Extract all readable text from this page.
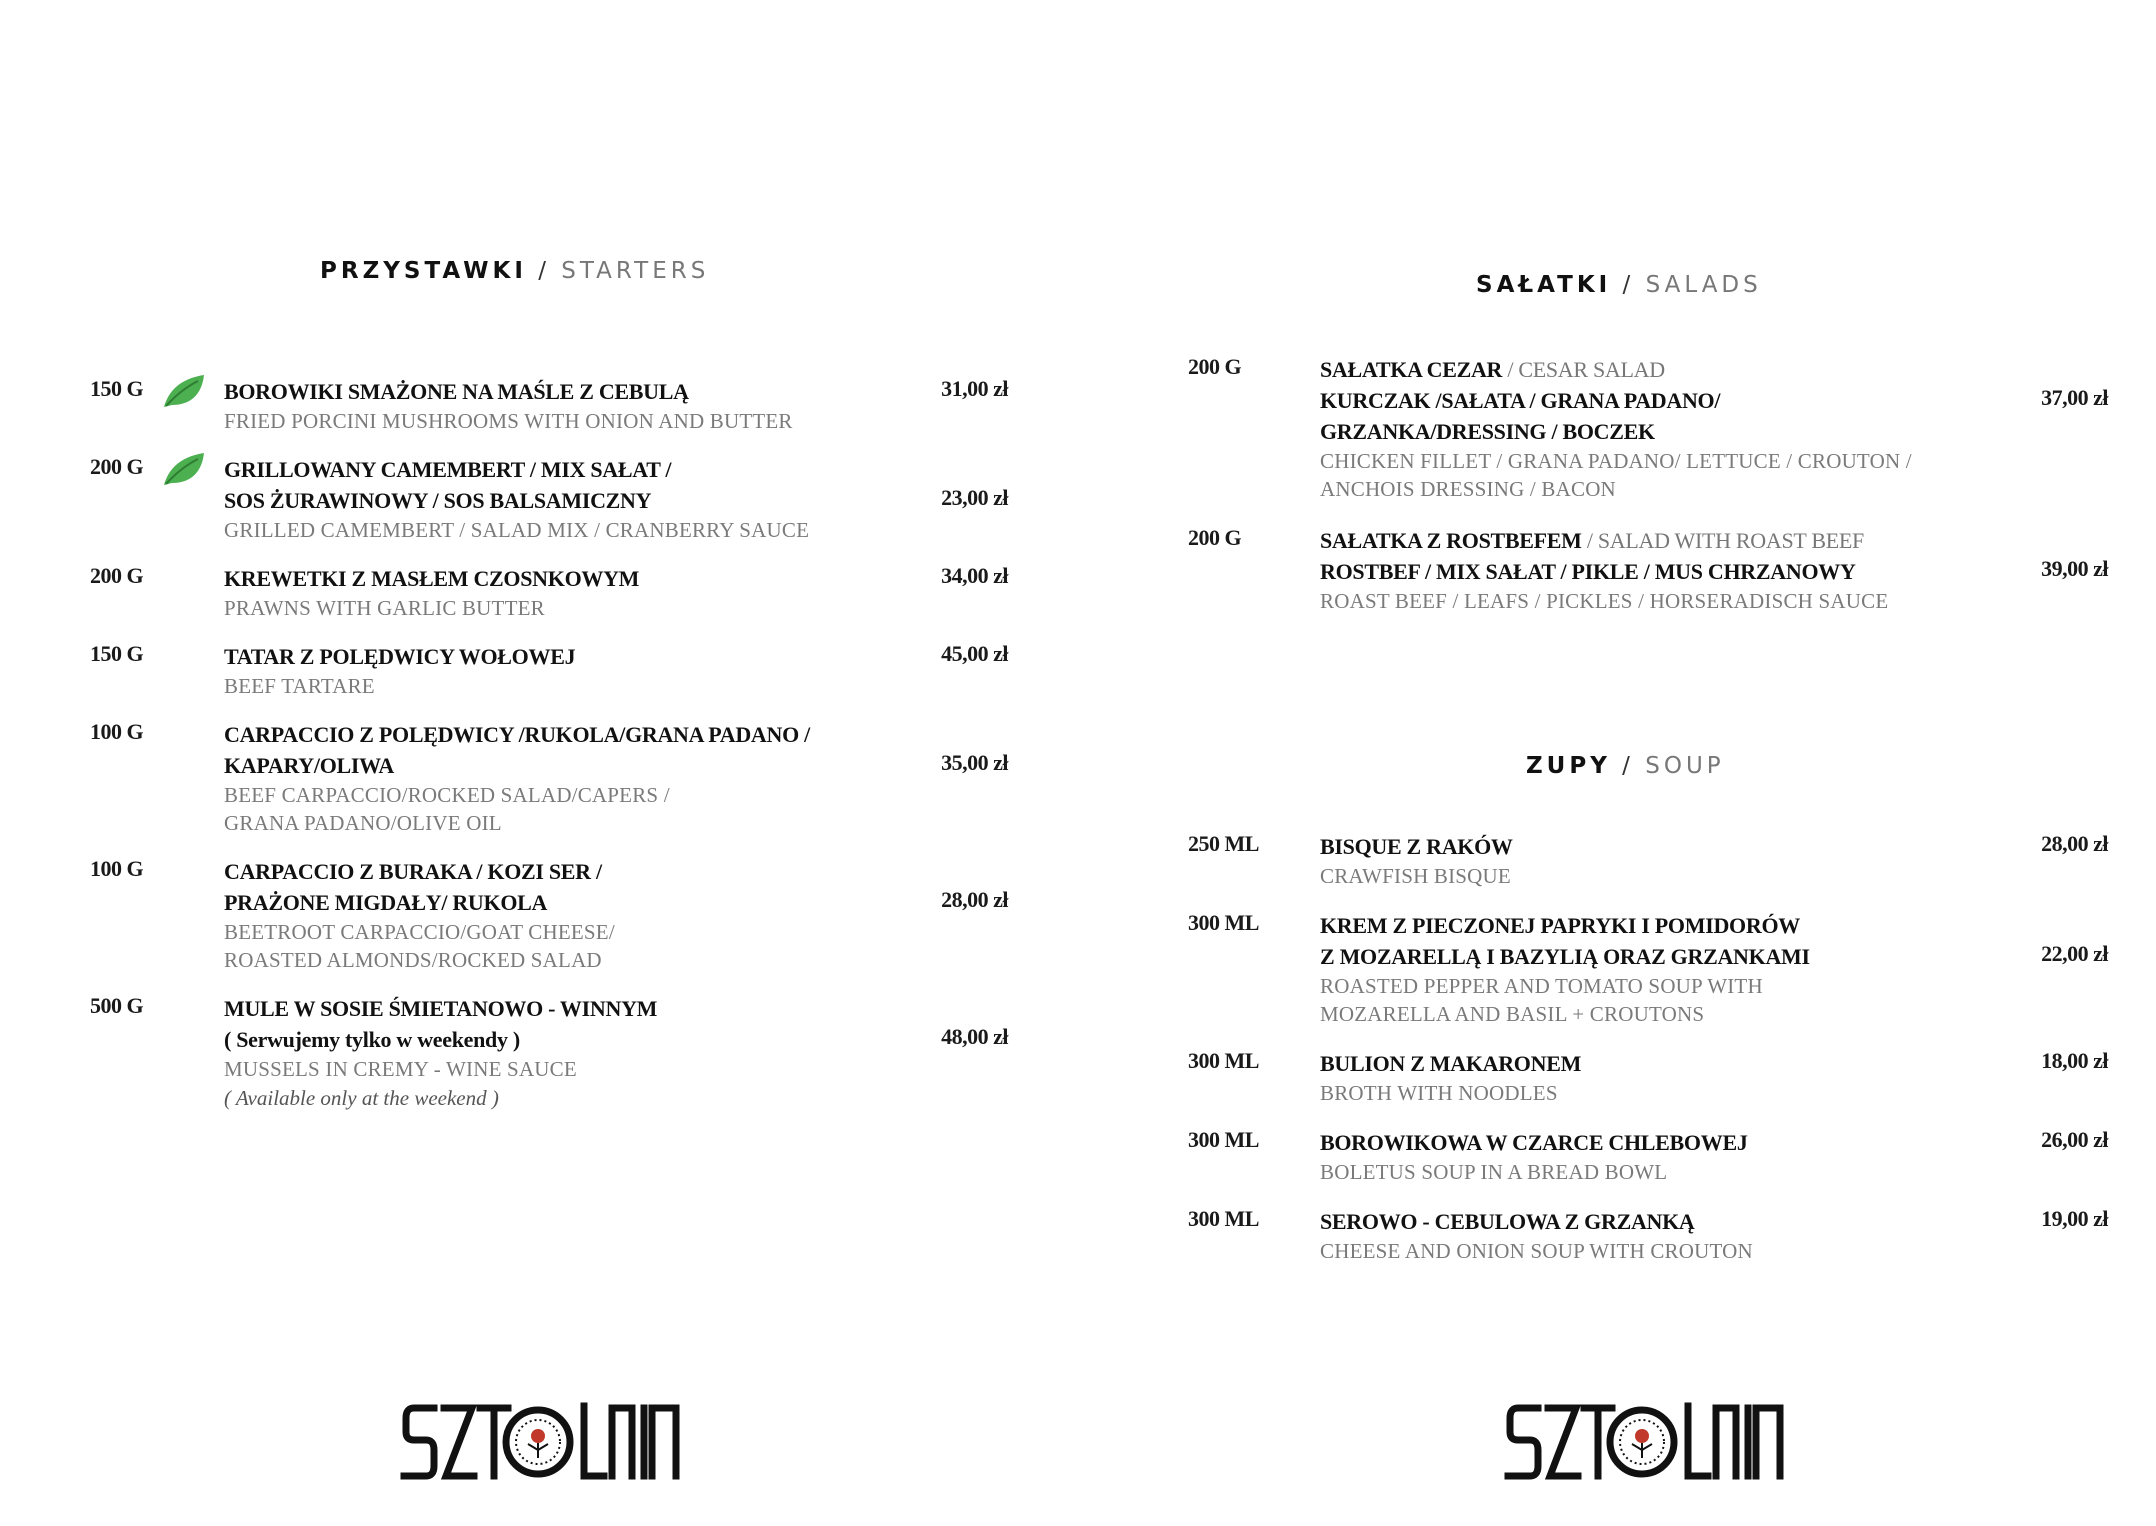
PRZYSTAWKI / STARTERS
150 G	BOROWIKI SMAŻONE NA MAŚLE Z CEBULĄ
FRIED PORCINI MUSHROOMS WITH ONION AND BUTTER
31,00 zł
200 G	GRILLOWANY CAMEMBERT / MIX SAŁAT /
SOS ŻURAWINOWY / SOS BALSAMICZNY
GRILLED CAMEMBERT / SALAD MIX / CRANBERRY SAUCE
23,00 zł
200 G	KREWETKI Z MASŁEM CZOSNKOWYM
PRAWNS WITH GARLIC BUTTER
34,00 zł
150 G	TATAR Z POLĘDWICY WOŁOWEJ
BEEF TARTARE
45,00 zł
100 G	CARPACCIO Z POLĘDWICY /RUKOLA/GRANA PADANO /
KAPARY/OLIWA
BEEF CARPACCIO/ROCKED SALAD/CAPERS /
GRANA PADANO/OLIVE OIL
35,00 zł
100 G	CARPACCIO Z BURAKA / KOZI SER /
PRAŻONE MIGDAŁY/ RUKOLA
BEETROOT CARPACCIO/GOAT CHEESE/
ROASTED ALMONDS/ROCKED SALAD
28,00 zł
500 G	MULE W SOSIE ŚMIETANOWO - WINNYM
( Serwujemy tylko w weekendy )
MUSSELS IN CREMY - WINE SAUCE
( Available only at the weekend )
48,00 zł
SAŁATKI / SALADS
200 G	SAŁATKA CEZAR / CESAR SALAD
KURCZAK /SAŁATA / GRANA PADANO/
GRZANKA/DRESSING / BOCZEK
CHICKEN FILLET / GRANA PADANO/ LETTUCE / CROUTON /
ANCHOIS DRESSING / BACON
37,00 zł
200 G	SAŁATKA Z ROSTBEFEM / SALAD WITH ROAST BEEF
ROSTBEF / MIX SAŁAT / PIKLE / MUS CHRZANOWY
ROAST BEEF / LEAFS / PICKLES / HORSERADISCH SAUCE
39,00 zł
ZUPY / SOUP
250 ML	BISQUE Z RAKÓW
CRAWFISH BISQUE
28,00 zł
300 ML	KREM Z PIECZONEJ PAPRYKI I POMIDORÓW
Z MOZARELLĄ I BAZYLIĄ ORAZ GRZANKAMI
ROASTED PEPPER AND TOMATO SOUP WITH
MOZARELLA AND BASIL + CROUTONS
22,00 zł
300 ML	BULION Z MAKARONEM
BROTH WITH NOODLES
18,00 zł
300 ML	BOROWIKOWA W CZARCE CHLEBOWEJ
BOLETUS SOUP IN A BREAD BOWL
26,00 zł
300 ML	SEROWO - CEBULOWA Z GRZANKĄ
CHEESE AND ONION SOUP WITH CROUTON
19,00 zł
